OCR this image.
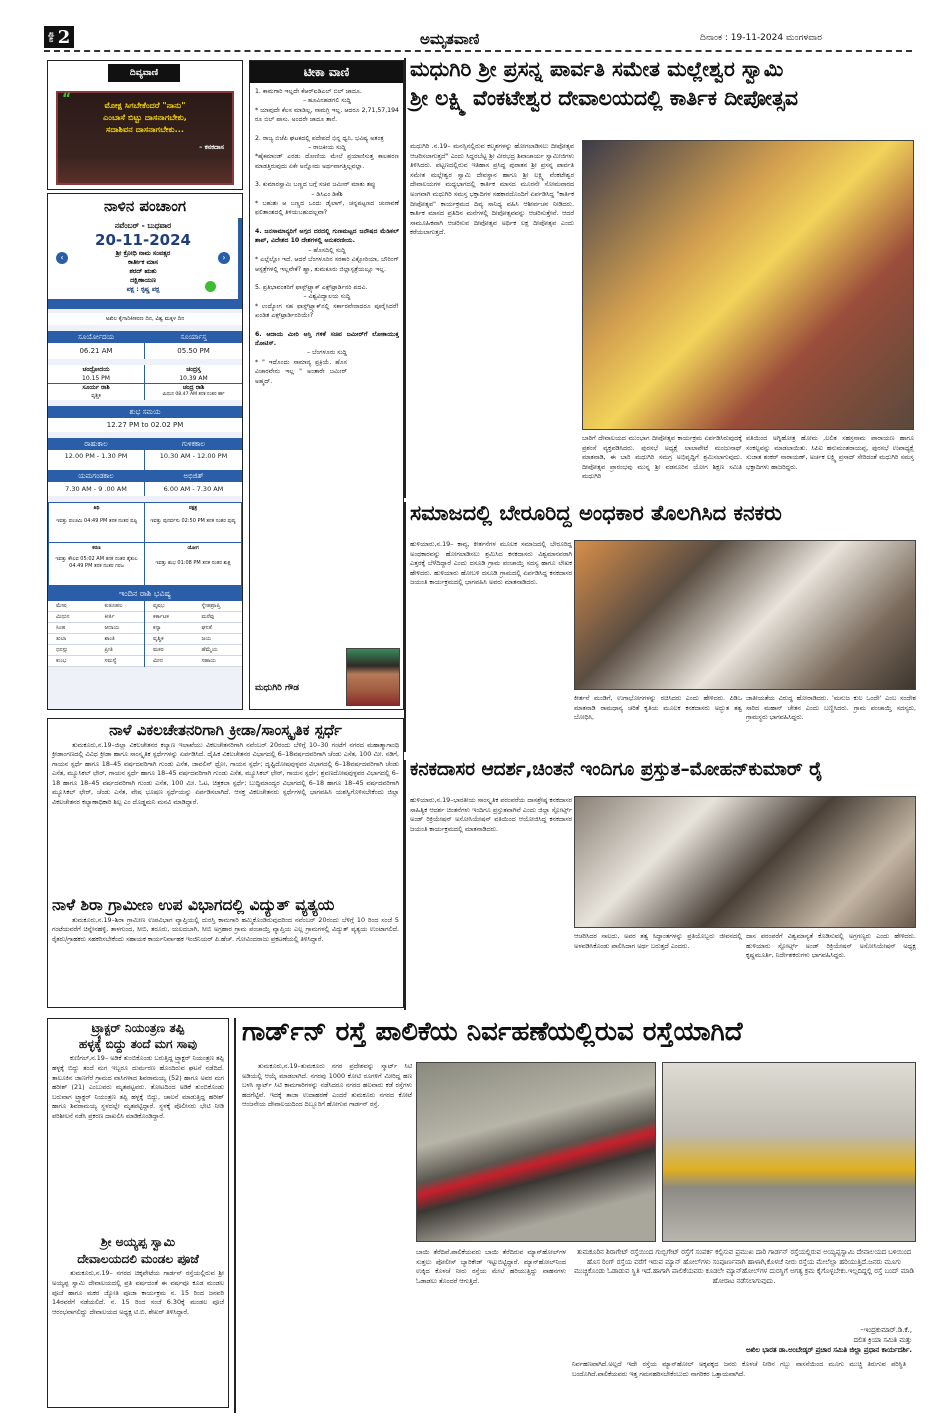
ಪುಟ 2	ಅಮೃತವಾಣಿ	ದಿನಾಂಕ : 19-11-2024 ಮಂಗಳವಾರ
ದಿವ್ಯವಾಣಿ
“	ಮೋಕ್ಷ ಸಿಗಬೇಕೆಂದರೆ "ನಾನು"
ಎಂಬಾಸೆ ಬಿಟ್ಟು ದಾಸನಾಗಬೇಕು,
ಸದಾಶಿವನ ದಾಸನಾಗಬೇಕು...
– ಕನಕದಾಸ
ನಾಳಿನ ಪಂಚಾಂಗ
ನವೆಂಬರ್ - ಬುಧವಾರ
20-11-2024
ಶ್ರೀ ಕ್ರೋಧಿ ನಾಮ ಸಂವತ್ಸರ
ಕಾರ್ತೀಕ ಮಾಸ
ಶರದ್ ಋತು
ದಕ್ಷಿಣಾಯಣ
ಪಕ್ಷ : ಕೃಷ್ಣ ಪಕ್ಷ
‹	›
ಅಖಿಲ ಕೈಗಾರಿಕೀಕರಣ ದಿನ, ವಿಶ್ವ ಮಕ್ಕಳ ದಿನ
ಸೂರ್ಯೋದಯ	ಸೂರ್ಯಾಸ್ತ
06.21 AM	05.50 PM
ಚಂದ್ರೋದಯ
10.15 PM
ಚಂದ್ರಸ್ತ
10.39 AM
ಸೂರ್ಯ ರಾಶಿ
ವೃಶ್ಚಿಕ
ಚಂದ್ರ ರಾಶಿ
ಮಿಥುನ 08.47 AM ತನಕ ನಂತರ ಕರ್ಕ
ಶುಭ ಸಮಯ
12.27 PM to 02.02 PM
ರಾಹುಕಾಲ	ಗುಳಿಕಕಾಲ
12.00 PM - 1.30 PM	10.30 AM - 12.00 PM
ಯಮಗಂಡಕಾಲ	ಅಭಿಜಿತ್
7.30 AM - 9 .00 AM	6.00 AM - 7.30 AM
ತಿಥಿ
ಇವತ್ತು ಪಂಚಮಿ 04:49 PM ತನಕ ನಂತರ ಷಷ್ಠಿ
ನಕ್ಷತ್ರ
ಇವತ್ತು ಪುನರ್ವಸು 02:50 PM ತನಕ ನಂತರ ಪುಷ್ಯ
ಕರಣ
ಇವತ್ತು ಕೌಲವ 05:02 AM ತನಕ ನಂತರ ತೈತುಲ 04.49 PM ತನಕ ನಂತರ ಗರಜ
ಯೋಗ
ಇವತ್ತು ಶುಭ 01:08 PM ತನಕ ನಂತರ ಶುಕ್ಲ
ಇಂದಿನ ರಾಶಿ ಭವಿಷ್ಯ
ಮೇಷ	ಕುತೂಹಲ	ವೃಷಭ	ಸ್ನೇಹಪ್ರಾಪ್ತಿ
ಮಿಥುನ	ಕೀರ್ತಿ	ಕರ್ಕಾಟಕ	ಮರೆವು
ಸಿಂಹ	ಆದಾಯ	ಕನ್ಯಾ	ಘನತೆ
ತುಲಾ	ಶಾಂತಿ	ವೃಶ್ಚಿಕ	ಜಯ
ಧನಸ್ಸು	ಪ್ರೀತಿ	ಮಕರ	ಹೆಮ್ಮೆಯ
ಕುಂಭ	ಸಮಸ್ಯೆ	ಮೀನ	ಸಹಾಯ
ಟೀಕಾ ವಾಣಿ
1. ಕಾಮಗಾರಿ ಇಲ್ಲದೇ ಕೆಆರ್‌ಐಡಿಎಲ್ ಬಿಲ್ ಜಾದೂ.
– ಹೂವಿನಹಡಗಲಿ ಸುದ್ದಿ
* ಯಾವುದೇ ಕೆಲಸ ಮಾಡಿಲ್ಲ, ಸಾಮಗ್ರಿ ಇಲ್ಲ. ಆದರೂ 2,71,57,194 ರೂ ಬಿಲ್ ಪಾಸು. ಅಂದರೇ ಜಾದೂ ತಾನೆ.
2. ರಾಜ್ಯ ಬಿಜೆಪಿ ಘಟಕದಲ್ಲಿ ಪದೇಪದೆ ಭಿನ್ನ ಧ್ವನಿ, ಭವಿಷ್ಯ ಅತಂತ್ರ
– ರಾಜಕೀಯ ಸುದ್ದಿ
*ಹೈಕಮಾಂಡ್ ಎರಡು ದೋಣಿಯ ಮೇಲೆ ಪ್ರಯಾಣಿಸುತ್ತ ಕಾಲಹರಣ ಮಾಡತ್ತಿರುವುದು ಏಕೇ ಅನ್ನೋದು ಅರ್ಥವಾಗತ್ತಿಲ್ಲವಲ್ಲಾ.
3. ಕುಮಾರಸ್ವಾಮಿ ಬಣ್ಣದ ಬಗ್ಗೆ ಸಚಿವ ಜಮೀರ್ ಮಾತು ತಪ್ಪು
– ಡಿಸಿಎಂ ಡಿಕೆಶಿ
* ಬಹುಶಃ ಆ ಬಣ್ಣದ ಒಂದು ಡೈಲಾಗ್, ಚನ್ನಪಟ್ಟಣದ ಚುನಾವಣೆ ಫಲಿತಾಂಶದಲ್ಲಿ ತಿಳಿಯಬಹುದಲ್ಲವಾ?
4. ಜನಸಾಮಾನ್ಯರಿಗೆ ಅಗ್ಗದ ದರದಲ್ಲಿ ಗುಣಮಟ್ಟದ ಜನೌಷದ ಮೆಡಿಕಲ್ ಶಾಪ್, ವಿದೇಶದ 10 ದೇಶಗಳಲ್ಲಿ ಅನುಕರಣೀಯ.
– ಹೊಸದಿಲ್ಲಿ ಸುದ್ದಿ
* ಎಲ್ಲೆಲ್ಲೋ ಇದೆ. ಆದರೆ ಬೆಂಗಳೂರಿನ ಸರಕಾರಿ ವಿಕ್ಟೋರಿಯಾ, ಬೌರಿಂಗ್ ಆಸ್ಪತ್ರೆಗಳಲ್ಲಿ ಇಲ್ಲವೇಕೆ? ಹ್ಹಾ, ತುಮಕೂರು ಜಿಲ್ಲಾಸ್ಪತ್ರೆಯಲ್ಲೂ ಇಲ್ಲ.
5. ಪ್ರತಿಭಾವಂತರಿಗೆ ಫಾಸ್ಟ್‌ಟ್ರ್ಯಾಕ್ ಎಕ್ಸ್‌ಟ್ರಾರ್ಡಿನರಿ ಪದವಿ.
– ವಿಶ್ವವಿದ್ಯಾಲಯ ಸುದ್ದಿ
* ಉದ್ಯೋಗ ಸಹ ಫಾಸ್ಟ್‌ಟ್ರ್ಯಾಕ್‌ನಲ್ಲಿ ಸರ್ಕಾರವೇನಾದರೂ ಪೂರೈಸಿದರೆ! ಖಂಡಿತ ಎಕ್ಸ್‌ಟ್ರಾರ್ಡಿನರಿಯೇ?
6. ಆದಾಯ ಮೀರಿ ಆಸ್ತಿ ಗಳಿಕೆ ಸಚಿವ ಜಮೀರ್‌ಗೆ ಲೋಕಾಯುಕ್ತ ನೋಟಿಸ್.
– ಬೆಂಗಳೂರು ಸುದ್ದಿ
* " ಇದೊಂದು ಸಾಮಾನ್ಯ ಪ್ರಕ್ರಿಯೆ. ಹೊಸ ವಿಚಾರವೇನು ಇಲ್ಲ " ಅಂತಾರೇ ಜಮೀರ್ ಅಹ್ಮದ್.
ಮಧುಗಿರಿ ಗೌಡ
ಮಧುಗಿರಿ ಶ್ರೀ ಪ್ರಸನ್ನ ಪಾರ್ವತಿ ಸಮೇತ ಮಲ್ಲೇಶ್ವರ ಸ್ವಾಮಿ
ಶ್ರೀ ಲಕ್ಷ್ಮಿ ವೆಂಕಟೇಶ್ವರ ದೇವಾಲಯದಲ್ಲಿ ಕಾರ್ತಿಕ ದೀಪೋತ್ಸವ
ಮಧುಗಿರಿ .ನ.19– ಮನಸ್ಸಿನಲ್ಲಿರುವ ಕಲ್ಮಶಗಳನ್ನು ಹೋಗಲಾಡಿಸಲು ದೀಪೋತ್ಸವ ಆಚರಿಸಲಾಗುತ್ತದೆ" ಎಂದು ಸಿದ್ದರಬೆಟ್ಟ ಶ್ರೀ ವೀರಭದ್ರ ಶಿವಾಚಾರ್ಯ ಸ್ವಾಮೀಜಿಗಳು ತಿಳಿಸಿದರು. ಪಟ್ಟಣದಲ್ಲಿರುವ ಇತಿಹಾಸ ಪ್ರಸಿದ್ಧ ಪುರಾತನ ಶ್ರೀ ಪ್ರಸನ್ನ ಪಾರ್ವತಿ ಸಮೇತ ಮಲ್ಲೇಶ್ವರ ಸ್ವಾಮಿ ದೇವಸ್ಥಾನ ಹಾಗೂ ಶ್ರೀ ಲಕ್ಷ್ಮಿ ವೆಂಕಟೇಶ್ವರ ದೇವಾಲಯಗಳ ಮಧ್ಯಭಾಗದಲ್ಲಿ ಕಾರ್ತಿಕ ಮಾಸದ ಮೂರನೇ ಸೋಮವಾರದ ಅಂಗವಾಗಿ ಮಧುಗಿರಿ ಸಮಸ್ತ ಭಕ್ತಾದಿಗಳ ಸಹಕಾರದೊಂದಿಗೆ ಏರ್ಪಡಿಸಿದ್ದ "ಕಾರ್ತಿಕ ದೀಪೋತ್ಸವ" ಕಾರ್ಯಕ್ರಮದ ದಿವ್ಯ ಸಾನಿಧ್ಯ ವಹಿಸಿ ಆಶೀರ್ವಚನ ನೀಡಿದರು. ಕಾರ್ತಿಕ ಮಾಸದ ಪ್ರತಿದಿನ ಮನೆಗಳಲ್ಲಿ ದೀಪೋತ್ಸವವನ್ನು ಆಚರಿಸುತ್ತೇವೆ. ಆದರೆ ಸಾಮೂಹಿಕವಾಗಿ ಆಚರಿಸುವ ದೀಪೋತ್ಸವ ಅರ್ಥಿಕ ಲಕ್ಷ ದೀಪೋತ್ಸವ ಎಂದು ಕರೆಯಲಾಗುತ್ತದೆ.
ಬಾರಿಗೆ ದೇವಾಲಯದ ಮುಂಭಾಗ ದೀಪೋತ್ಸವ ಕಾರ್ಯಕ್ರಮ ಏರ್ಪಡಿಸಿರುವುದಕ್ಕೆ ಪ್ರಶಂಸೆ ವ್ಯಕ್ತಪಡಿಸಿದರು. ಪುರಸಭೆ ಅಧ್ಯಕ್ಷೆ ಲಾಲಾಪೇಟೆ ಮಂಜುನಾಥ್ ಮಾತನಾಡಿ, ಈ ಬಾರಿ ಮಧುಗಿರಿ ಸಮಗ್ರ ಅಭಿವೃದ್ಧಿಗೆ ಶ್ರಮಿಸಲಾಗುವುದು. ದೀಪೋತ್ಸವ ಪ್ರಾರಂಭವು ಮುನ್ನ ಶ್ರೀ ವಡನೂರಿನ ಯೋಗ ಶಿಕ್ಷಣ ಸಮಿತಿ ಮಧುಗಿರಿ
ವತಿಯಿಂದ ಅಗ್ನಿಹೋತ್ರ ಹೋಮ ,ಲಲಿತ ಸಹಸ್ರನಾಮ ಪಾರಾಯಣ ಹಾಗೂ ಸಂಕಲ್ಪವನ್ನು ಮಾಡಲಾಯಿತು. ಸಿಪಿಐ ಹನುಮಂತರಾಯಪ್ಪ, ಪುರಸಭೆ ಉಪಾಧ್ಯಕ್ಷೆ ಸುಜಾತ ಶಂಕರ್ ನಾರಾಯಣ್, ಅರ್ಚಕ ಲಕ್ಷ್ಮಿ ಪ್ರಸಾದ್ ಸೇರಿದಂತೆ ಮಧುಗಿರಿ ಸಮಸ್ತ ಭಕ್ತಾದಿಗಳು ಹಾಜರಿದ್ದರು.
ಸಮಾಜದಲ್ಲಿ ಬೇರೂರಿದ್ದ ಅಂಧಕಾರ ತೊಲಗಿಸಿದ ಕನಕರು
ಹುಳಿಯಾರು,ನ.19– ಕಾವ್ಯ, ಕೀರ್ತನೆಗಳ ಮೂಲಕ ಸಮಾಜದಲ್ಲಿ ಬೇರೂರಿದ್ದ ಅಂಧಕಾರವನ್ನು ಹೋಗಲಾಡಿಸಲು ಶ್ರಮಿಸಿದ ಕನಕದಾಸರು ವಿಶ್ವಮಾನವರಾಗಿ ಎತ್ತರಕ್ಕೆ ಬೆಳೆದಿದ್ದಾರೆ ಎಂದು ದಸೂಡಿ ಗ್ರಾಮ ಪಂಚಾಯ್ತಿ ಸದಸ್ಯ ಹಾಗೂ ಲೇಖಕ ಹೇಳಿದರು. ಹುಳಿಯಾರು ಹೋಬಳಿ ದಸೂಡಿ ಗ್ರಾಮದಲ್ಲಿ ಏರ್ಪಡಿಸಿದ್ದ ಕನಕದಾಸರ ಜಯಂತಿ ಕಾರ್ಯಕ್ರಮದಲ್ಲಿ ಭಾಗವಹಿಸಿ ಅವರು ಮಾತನಾಡಿದರು.
ಕೀರ್ತನೆ ಮಂಡಿಗೆ, ಉಗಾಭೋಗಗಳನ್ನು ರಚಿಸಿದರು ಎಂದು ಹೇಳಿದರು. ಪಿಡಿಒ ಮಾತನಾಡಿ ರಾಮಧಾನ್ಯ ಚರಿತೆ ಕೃತಿಯ ಮೂಲಕ ಕನಕದಾಸರು ಅದ್ಭುತ ತತ್ವ ಬೋಧಿಸಿ,
ಜಾತೀಯತೆಯ ವಿರುದ್ಧ ಹೋರಾಡಿದರು. 'ಮನುಜ ಕುಲ ಒಂದೇ' ಎಂಬ ಸಂದೇಶ ಸಾರಿದ ಮಹಾನ್ ಚೇತನ ಎಂದು ಬಣ್ಣಿಸಿದರು. ಗ್ರಾಮ ಪಂಚಾಯ್ತಿ ಸದಸ್ಯರು, ಗ್ರಾಮಸ್ಥರು ಭಾಗವಹಿಸಿದ್ದರು.
ಕನಕದಾಸರ ಆದರ್ಶ,ಚಿಂತನೆ ಇಂದಿಗೂ ಪ್ರಸ್ತುತ–ಮೋಹನ್‌ಕುಮಾರ್ ರೈ
ಹುಳಿಯಾರು,ನ.19–ಭಾರತೀಯ ಸಾಂಸ್ಕೃತಿಕ ಪರಂಪರೆಯ ದಾಸಶ್ರೇಷ್ಠ ಕನಕದಾಸರ ಸಾಹಿತ್ಯಿಕ ಆದರ್ಶ ಚಿಂತನೆಗಳು ಇಂದಿಗೂ ಪ್ರಸ್ತುತವಾಗಿವೆ ಎಂದು ಜಿಲ್ಲಾ ಸ್ಪೋರ್ಟ್ಸ್ ಅಂಡ್ ರಿಕ್ರಿಯೇಷನ್ ಅಸೋಸಿಯೇಷನ್ ವತಿಯಿಂದ ಆಯೋಜಿಸಿದ್ದ ಕನಕದಾಸರ ಜಯಂತಿ ಕಾರ್ಯಕ್ರಮದಲ್ಲಿ ಮಾತನಾಡಿದರು.
ಆಚರಿಸಿದರ ಸಾಲದು, ಅವರ ತತ್ವ ಸಿದ್ಧಾಂತಗಳನ್ನು ಪ್ರತಿಯೊಬ್ಬರು ಜೀವನದಲ್ಲಿ ಅಳವಡಿಸಿಕೊಂಡು ಪಾಲಿಸಿದಾಗ ಅರ್ಥ ಬರುತ್ತದೆ ಎಂದರು.
ದಾಸ ಪರಂಪರೆಗೆ ವಿಶ್ವಮಾನ್ಯತೆ ಕೊಡಿಸುವಲ್ಲಿ ಅಗ್ರಗಣ್ಯರು ಎಂದು ಹೇಳಿದರು. ಹುಳಿಯಾರು ಸ್ಪೋರ್ಟ್ಸ್ ಅಂಡ್ ರಿಕ್ರಿಯೇಷನ್ ಅಸೋಸಿಯೇಷನ್ ಅಧ್ಯಕ್ಷ ಕೃಷ್ಣಮೂರ್ತಿ, ನಿರ್ದೇಶಕರುಗಳು ಭಾಗವಹಿಸಿದ್ದರು.
ನಾಳೆ ವಿಕಲಚೇತನರಿಗಾಗಿ ಕ್ರೀಡಾ/ಸಾಂಸ್ಕೃತಿಕ ಸ್ಪರ್ಧೆ
ತುಮಕೂರು,ನ.19–ಜಿಲ್ಲಾ ವಿಕಲಚೇತನರ ಕಲ್ಯಾಣ ಇಲಾಖೆಯು ವಿಕಲಚೇತನರಿಗಾಗಿ ನವೆಂಬರ್ 20ರಂದು ಬೆಳಿಗ್ಗೆ 10–30 ಗಂಟೆಗೆ ನಗರದ ಮಹಾತ್ಮಾಗಾಂಧಿ ಕ್ರೀಡಾಂಗಣದಲ್ಲಿ ವಿವಿಧ ಕ್ರೀಡಾ ಹಾಗೂ ಸಾಂಸ್ಕೃತಿಕ ಸ್ಪರ್ಧೆಗಳನ್ನು ಏರ್ಪಡಿಸಿದೆ. ದೈಹಿಕ ವಿಕಲಚೇತನರ ವಿಭಾಗದಲ್ಲಿ 6–18ವರ್ಷದವರಿಗಾಗಿ ಚೆಂಡು ಎಸೆತ, 100 ಮೀ. ನಡಿಗೆ, ಗಾಯನ ಸ್ಪರ್ಧೆ ಹಾಗೂ 18–45 ವರ್ಷದವರಿಗಾಗಿ ಗುಂಡು ಎಸೆತ, ಜಾವಲಿನ್ ಥ್ರೋ, ಗಾಯನ ಸ್ಪರ್ಧೆ; ದೃಷ್ಟಿದೋಷವುಳ್ಳವರ ವಿಭಾಗದಲ್ಲಿ 6–18ವರ್ಷದವರಿಗಾಗಿ ಚೆಂಡು ಎಸೆತ, ಮ್ಯೂಸಿಕಲ್ ಛೇರ್, ಗಾಯನ ಸ್ಪರ್ಧೆ ಹಾಗೂ 18–45 ವರ್ಷದವರಿಗಾಗಿ ಗುಂಡು ಎಸೆತ, ಮ್ಯೂಸಿಕಲ್ ಛೇರ್, ಗಾಯನ ಸ್ಪರ್ಧೆ; ಶ್ರವಣದೋಷವುಳ್ಳವರ ವಿಭಾಗದಲ್ಲಿ 6–18 ಹಾಗೂ 18–45 ವರ್ಷದವರಿಗಾಗಿ ಗುಂಡು ಎಸೆತ, 100 ಮೀ. ಓಟ, ಚಿತ್ರಕಲಾ ಸ್ಪರ್ಧೆ; ಬುದ್ಧಿಮಾಂದ್ಯರ ವಿಭಾಗದಲ್ಲಿ 6–18 ಹಾಗೂ 18–45 ವರ್ಷದವರಿಗಾಗಿ ಮ್ಯೂಸಿಕಲ್ ಛೇರ್, ಚೆಂಡು ಎಸೆತ, ವೇಷ ಭೂಷಣ ಸ್ಪರ್ಧೆಯನ್ನು ಏರ್ಪಡಿಸಲಾಗಿದೆ. ಆಸಕ್ತ ವಿಕಲಚೇತನರು ಸ್ಪರ್ಧೆಗಳಲ್ಲಿ ಭಾಗವಹಿಸಿ ಯಶಸ್ವಿಗೊಳಿಸಬೇಕೆಂದು ಜಿಲ್ಲಾ ವಿಕಲಚೇತನರ ಕಲ್ಯಾಣಾಧಿಕಾರಿ ಶಿಲ್ಪ ಎಂ ದೊಡ್ಡಮನಿ ಮನವಿ ಮಾಡಿದ್ದಾರೆ.
ನಾಳೆ ಶಿರಾ ಗ್ರಾಮೀಣ ಉಪ ವಿಭಾಗದಲ್ಲಿ ವಿದ್ಯುತ್ ವ್ಯತ್ಯಯ
ತುಮಕೂರು,ನ.19–ಶಿರಾ ಗ್ರಾಮೀಣ ಉಪವಿಭಾಗ ವ್ಯಾಪ್ತಿಯಲ್ಲಿ ದುರಸ್ತಿ ಕಾಮಗಾರಿ ಹಮ್ಮಿಕೊಂಡಿರುವುದರಿಂದ ನವೆಂಬರ್ 20ರಂದು ಬೆಳಿಗ್ಗೆ 10 ರಿಂದ ಸಂಜೆ 5 ಗಂಟೆಯವರೆಗೆ ಚಿನ್ನೇನಹಳ್ಳಿ, ತಾಳಗುಂದ, ಸೀಬಿ, ತರೂರು, ಯಲದಬಾಗಿ, ಸೀಬಿ ಅಗ್ರಹಾರ ಗ್ರಾಮ ಪಂಚಾಯ್ತಿ ವ್ಯಾಪ್ತಿಯ ಎಲ್ಲ ಗ್ರಾಮಗಳಲ್ಲಿ ವಿದ್ಯುತ್ ವ್ಯತ್ಯಯ ಉಂಟಾಗಲಿದೆ. ರೈತರು/ಗ್ರಾಹಕರು ಸಹಕರಿಸಬೇಕೆಂದು ಸಹಾಯಕ ಕಾರ್ಯನಿರ್ವಾಹಕ ಇಂಜಿನಿಯರ್ ಪಿ.ಹೆಚ್. ಗೋವಿಂದರಾಜು ಪ್ರಕಟಣೆಯಲ್ಲಿ ತಿಳಿಸಿದ್ದಾರೆ.
ಟ್ರ್ಯಾಕ್ಟರ್ ನಿಯಂತ್ರಣ ತಪ್ಪಿ
ಹಳ್ಳಕ್ಕೆ ಬಿದ್ದು ತಂದೆ ಮಗ ಸಾವು
ಕುಣಿಗಲ್,ನ.19– ಅಡಿಕೆ ತುಂಬಿಕೊಂಡು ಬರುತ್ತಿದ್ದ ಟ್ರ್ಯಾಕ್ಟರ್ ನಿಯಂತ್ರಣ ತಪ್ಪಿ ಹಳ್ಳಕ್ಕೆ ಬಿದ್ದು ತಂದೆ ಮಗ ಇಬ್ಬರೂ ದುರ್ಮರಣ ಹೊಂದಿರುವ ಘಟನೆ ನಡೆದಿದೆ. ತಾಲೂಕಿನ ಜಾಣಗೆರೆ ಗ್ರಾಮದ ವಾಸಿಗಳಾದ ಶಿವರಾಮಯ್ಯ (52) ಹಾಗೂ ಅವರ ಮಗ ಹರೀಶ್ (21) ಎಂಬುವರು ಮೃತಪಟ್ಟವರು. ತೋಟದಿಂದ ಅಡಿಕೆ ತುಂಬಿಕೊಂಡು ಬರುವಾಗ ಟ್ರ್ಯಾಕ್ಟರ್ ನಿಯಂತ್ರಣ ತಪ್ಪಿ ಹಳ್ಳಕ್ಕೆ ಬಿದ್ದು, ಚಾಲನೆ ಮಾಡುತ್ತಿದ್ದ ಹರೀಶ್ ಹಾಗೂ ಶಿವರಾಮಯ್ಯ ಸ್ಥಳದಲ್ಲೇ ಮೃತಪಟ್ಟಿದ್ದಾರೆ. ಸ್ಥಳಕ್ಕೆ ಪೊಲೀಸರು ಭೇಟಿ ನೀಡಿ ಪರಿಶೀಲನೆ ನಡೆಸಿ ಪ್ರಕರಣ ದಾಖಲಿಸಿ ಮಾಡಿಕೊಂಡಿದ್ದಾರೆ.
ಶ್ರೀ ಅಯ್ಯಪ್ಪ ಸ್ವಾಮಿ
ದೇವಾಲಯದಲಿ ಮಂಡಲ ಪೂಜೆ
ತುಮಕೂರು,ನ.19– ನಗರದ ಚಿಕ್ಕಪೇಟೆಯ ಗಾರ್ಡನ್ ರಸ್ತೆಯಲ್ಲಿರುವ ಶ್ರೀ ಅಯ್ಯಪ್ಪ ಸ್ವಾಮಿ ದೇವಾಲಯದಲ್ಲಿ ಪ್ರತಿ ವರ್ಷದಂತೆ ಈ ವರ್ಷವೂ ಕೂಡ ಮಂಡಲ ಪೂಜೆ ಹಾಗೂ ಮಕರ ಜ್ಯೋತಿ ಪೂಜಾ ಕಾರ್ಯಕ್ರಮ ನ. 15 ರಿಂದ ಜನವರಿ 14ರವರೆಗೆ ನಡೆಯಲಿದೆ. ನ. 15 ರಿಂದ ಸಂಜೆ 6.30ಕ್ಕೆ ಮಂಡಲ ಪೂಜೆ ಆರಂಭವಾಗಲಿದ್ದು ದೇವಾಲಯದ ಅಧ್ಯಕ್ಷ ಟಿ.ಬಿ. ಶೇಖರ್ ತಿಳಿಸಿದ್ದಾರೆ.
ಗಾರ್ಡ್‌ನ್ ರಸ್ತೆ ಪಾಲಿಕೆಯ ನಿರ್ವಹಣೆಯಲ್ಲಿರುವ ರಸ್ತೆಯಾಗಿದೆ
ತುಮಕೂರು,ನ.19–ತುಮಕೂರು ನಗರ ಪ್ರದೇಶವನ್ನು ಸ್ಮಾರ್ಟ್ ಸಿಟಿ ಅಡಿಯಲ್ಲಿ ಆಯ್ಕೆ ಮಾಡಲಾಗಿದೆ. ನಗರವು 1000 ಕೋಟಿ ರೂಗಳಿಗೆ ಮೀರಿದ್ದ ಹಣ ಬಳಸಿ ಸ್ಮಾರ್ಟ್ ಸಿಟಿ ಕಾಮಗಾರಿಗಳನ್ನು ನಡೆಸಿದರೂ ನಗರದ ಹಲವಾರು ಕಡೆ ರಸ್ತೆಗಳು ಹದಗೆಟ್ಟಿವೆ. ಇದಕ್ಕೆ ತಾಜಾ ಉದಾಹರಣೆ ಎಂದರೆ ತುಮಕೂರು ನಗರದ ಕೋಟೆ ಆಂಜನೇಯ ದೇವಾಲಯದಿಂದ ದಿಬ್ಬೂರಿಗೆ ಹೋಗುವ ಗಾರ್ಡನ್ ರಸ್ತೆ.
ಬಾಯಿ ತೆರೆದಿವೆ.ಪಾಲಿಕೆಯವರು ಬಾಯಿ ತೆರೆದಿರುವ ಮ್ಯಾನ್‌ಹೋಲ್‌ಗಳ ಸುತ್ತಲು ಪೋಲೀಸ್ ಬ್ಯಾರಿಕೇಡ್ ಇಟ್ಟುಬಿಟ್ಟಿದ್ದಾರೆ. ಮ್ಯಾನ್‌ಹೋಲ್‌ನಿಂದ ಉಕ್ಕಿದ ಕೊಳಚೆ ನೀರು ರಸ್ತೆಯ ಮೇಲೆ ಹರಿಯುತ್ತಿದ್ದು ವಾಹನಗಳು ಓಡಾಡಲು ತೊಂದರೆ ಆಗುತ್ತಿದೆ.
ತುಮಕೂರಿನ ಶಿರಾಗೇಟ್ ರಸ್ತೆಯಿಂದ ಗುಬ್ಬಿಗೇಟ್ ರಸ್ತೆಗೆ ಸಂಪರ್ಕ ಕಲ್ಪಿಸುವ ಪ್ರಮುಖ ದಾರಿ ಗಾರ್ಡನ್ ರಸ್ತೆಯಲ್ಲಿರುವ ಅಯ್ಯಪ್ಪಸ್ವಾಮಿ ದೇವಾಲಯದ ಬಳಿಯಿಂದ ಹೊಸ ರಿಂಗ್ ರಸ್ತೆಯ ವರೆಗೆ ಇರುವ ಮ್ಯಾನ್ ಹೋಲ್‌ಗಳು ಸಂಪೂರ್ಣವಾಗಿ ಹಾಳಾಗಿ,ಕೊಳಚೆ ನೀರು ರಸ್ತೆಯ ಮೇಲೆಲ್ಲಾ ಹರಿಯುತ್ತಿದೆ.ಜನರು ಮೂಗು ಮುಚ್ಚಿಕೊಂಡು ಓಡಾಡುವ ಸ್ಥಿತಿ ಇದೆ.ಹಾಗಾಗಿ ಪಾಲಿಕೆಯವರು ಕೂಡಲೇ ಮ್ಯಾನ್‌ಹೋಲ್‌ಗಳ ದುರಸ್ಥಿಗೆ ಅಗತ್ಯ ಕ್ರಮ ಕೈಗೊಳ್ಳಬೇಕು.ಇಲ್ಲದಿದ್ದಲ್ಲಿ ರಸ್ತೆ ಬಂದ್ ಮಾಡಿ ಹೋರಾಟ ನಡೆಸಲಾಗುವುದು.
–ಇಂದ್ರಕುಮಾರ್.ಡಿ.ಕೆ.,
ದಲಿತ ಕ್ರಿಯಾ ಸಮಿತಿ ಮತ್ತು
ಅಖಿಲ ಭಾರತ ಡಾ.ಅಂಬೇಡ್ಕರ್ ಪ್ರಚಾರ ಸಮಿತಿ ಜಿಲ್ಲಾ ಪ್ರಧಾನ ಕಾರ್ಯದರ್ಶಿ.
ನಿರ್ವಹಣವಾಗಿದೆ.ಅಲ್ಲದೆ ಇದೇ ರಸ್ತೆಯ ಮ್ಯಾನ್‌ಹೋಲ್ ಅಕ್ಕಪಕ್ಕದ ಜನರು ಕೊಳಚೆ ನೀರಿನ ಗಬ್ಬು ವಾಸನೆಯಿಂದ ಮೂಗು ಮುಚ್ಚಿ ತಿರುಗುವ ಪರಿಸ್ಥಿತಿ ಬಂದೊಗಿದೆ.ಪಾಲಿಕೆಯವರು ಇತ್ತ ಗಮನಹರಿಸಬೇಕೆಂಬುದು ನಾಗರಿಕರ ಒತ್ತಾಯವಾಗಿದೆ.
